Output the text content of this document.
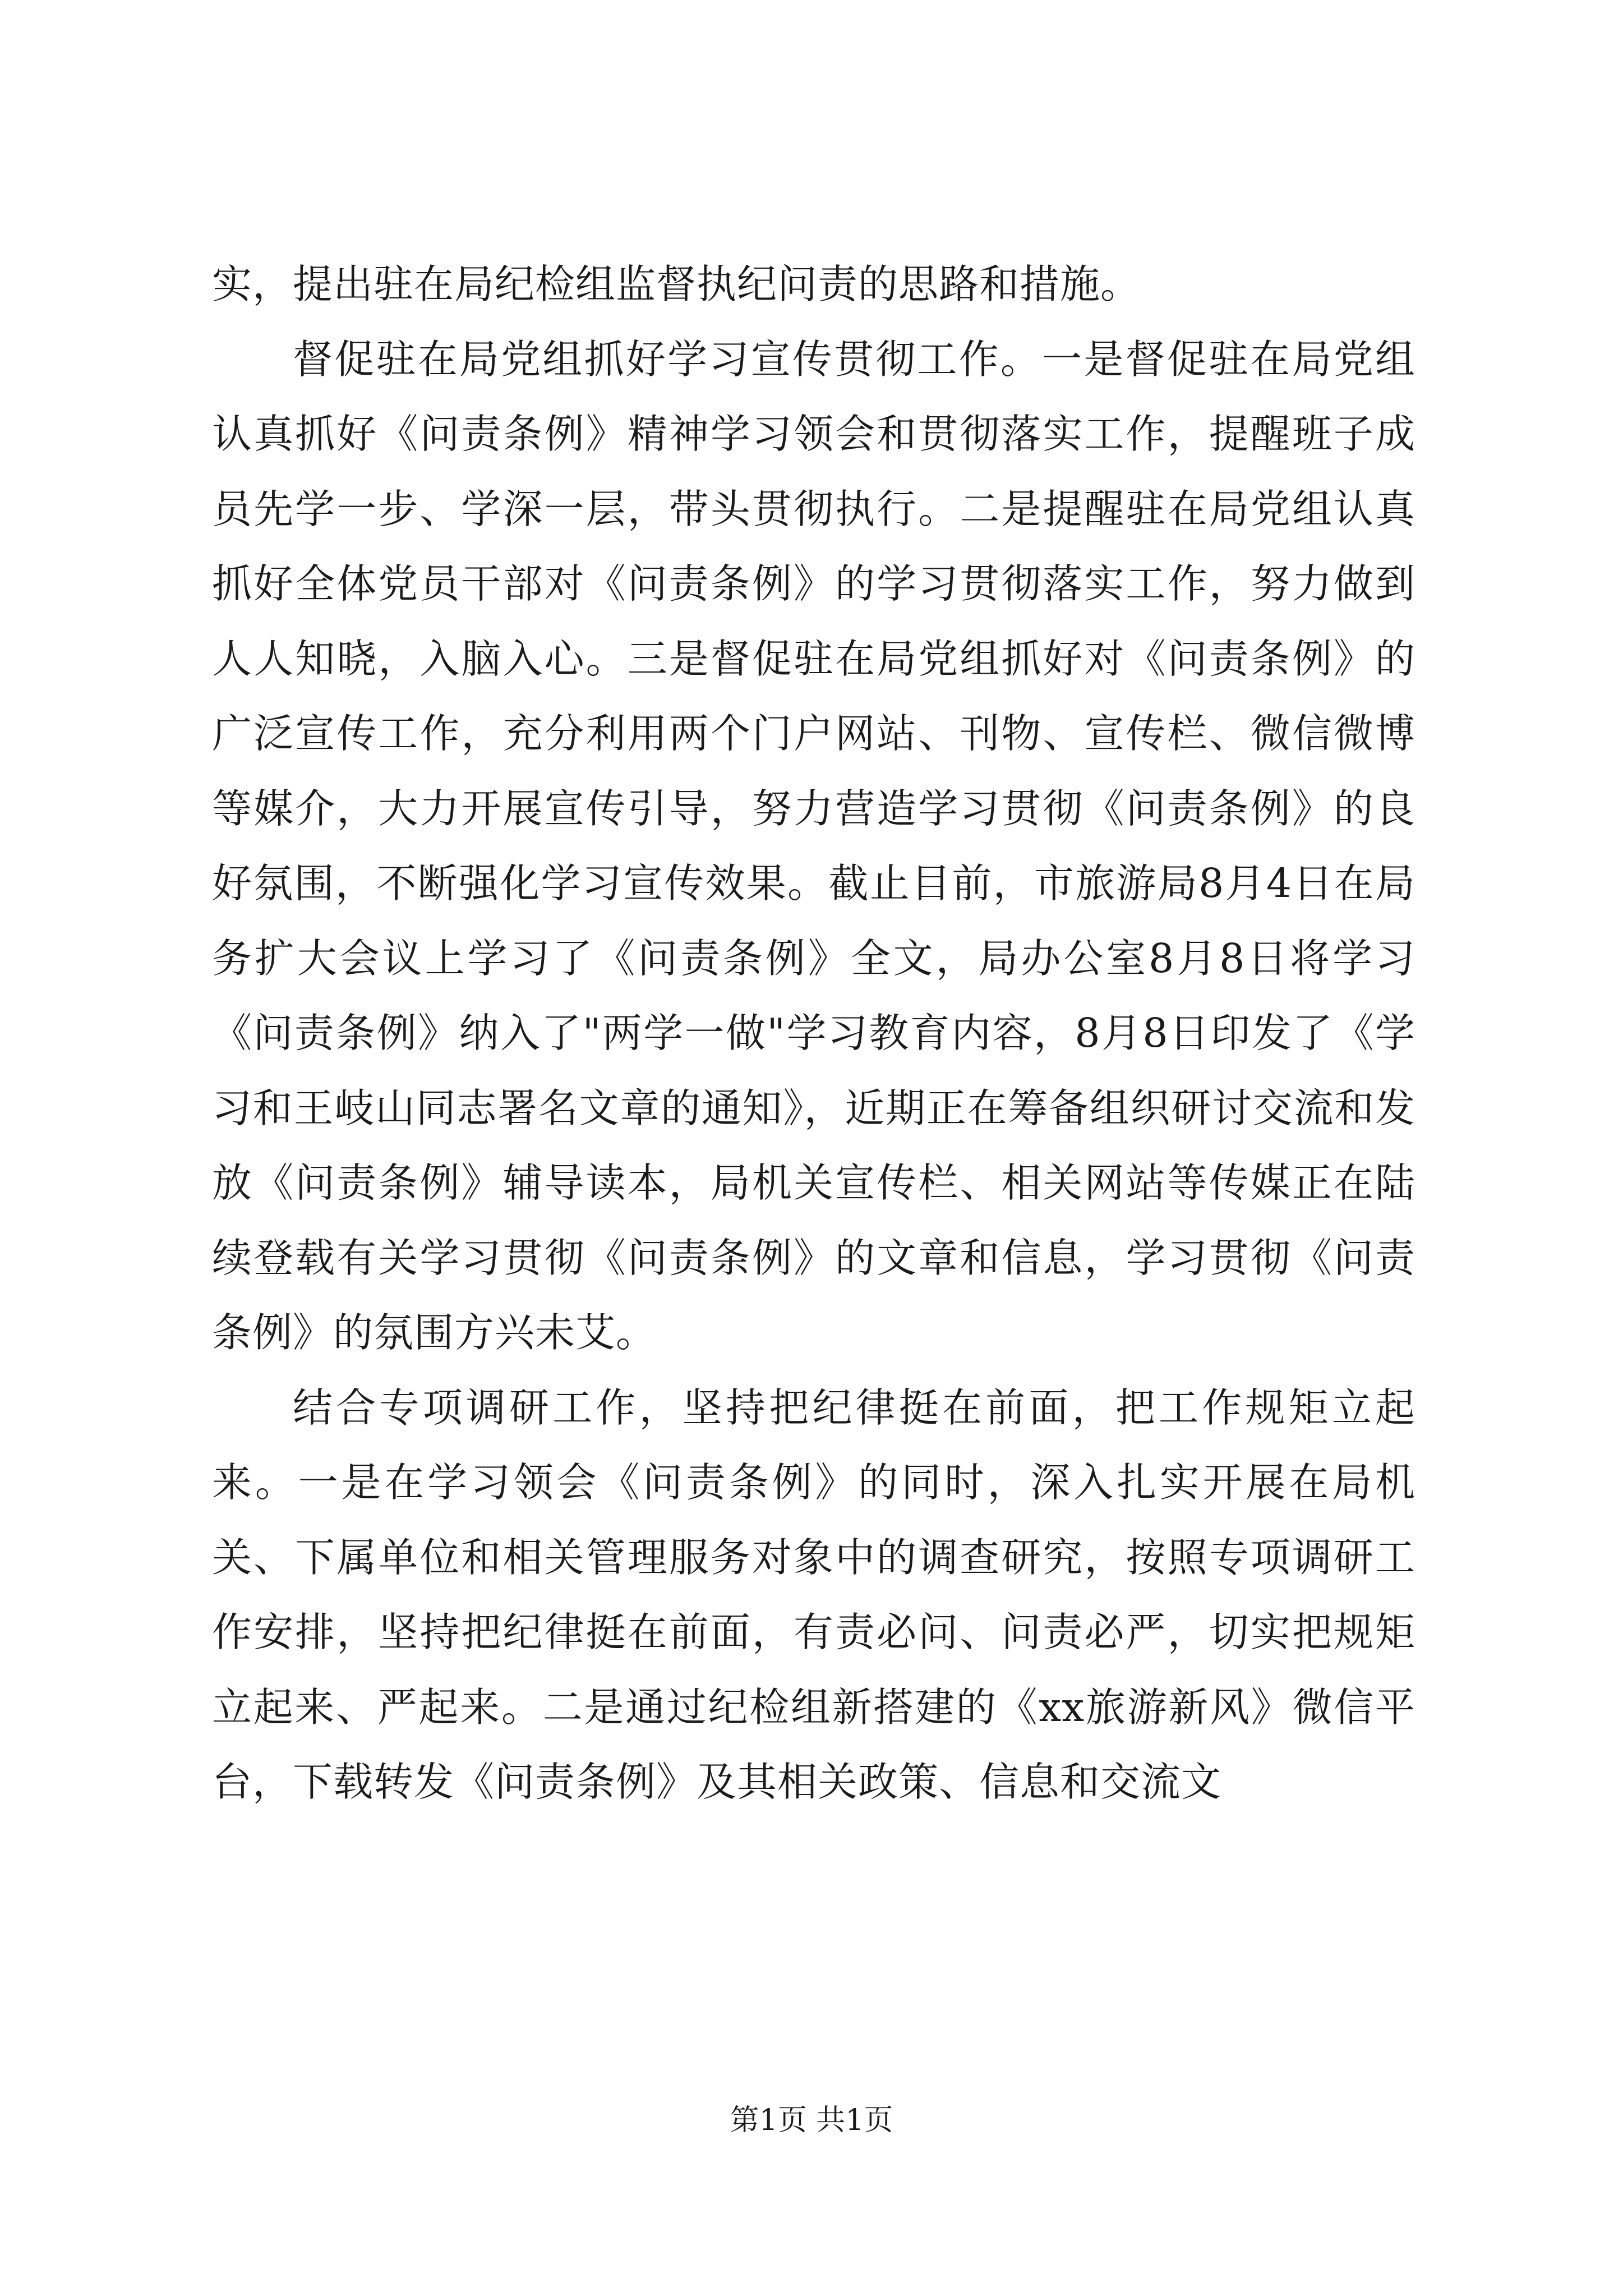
实，提出驻在局纪检组监督执纪问责的思路和措施。

督促驻在局党组抓好学习宣传贯彻工作。一是督促驻在局党组认真抓好《问责条例》精神学习领会和贯彻落实工作，提醒班子成员先学一步、学深一层，带头贯彻执行。二是提醒驻在局党组认真抓好全体党员干部对《问责条例》的学习贯彻落实工作，努力做到人人知晓，入脑入心。三是督促驻在局党组抓好对《问责条例》的广泛宣传工作，充分利用两个门户网站、刊物、宣传栏、微信微博等媒介，大力开展宣传引导，努力营造学习贯彻《问责条例》的良好氛围，不断强化学习宣传效果。截止目前，市旅游局8月4日在局务扩大会议上学习了《问责条例》全文，局办公室8月8日将学习《问责条例》纳入了"两学一做"学习教育内容，8月8日印发了《学习和王岐山同志署名文章的通知》，近期正在筹备组织研讨交流和发放《问责条例》辅导读本，局机关宣传栏、相关网站等传媒正在陆续登载有关学习贯彻《问责条例》的文章和信息，学习贯彻《问责条例》的氛围方兴未艾。

结合专项调研工作，坚持把纪律挺在前面，把工作规矩立起来。一是在学习领会《问责条例》的同时，深入扎实开展在局机关、下属单位和相关管理服务对象中的调查研究，按照专项调研工作安排，坚持把纪律挺在前面，有责必问、问责必严，切实把规矩立起来、严起来。二是通过纪检组新搭建的《xx旅游新风》微信平台，下载转发《问责条例》及其相关政策、信息和交流文

第1页 共1页
